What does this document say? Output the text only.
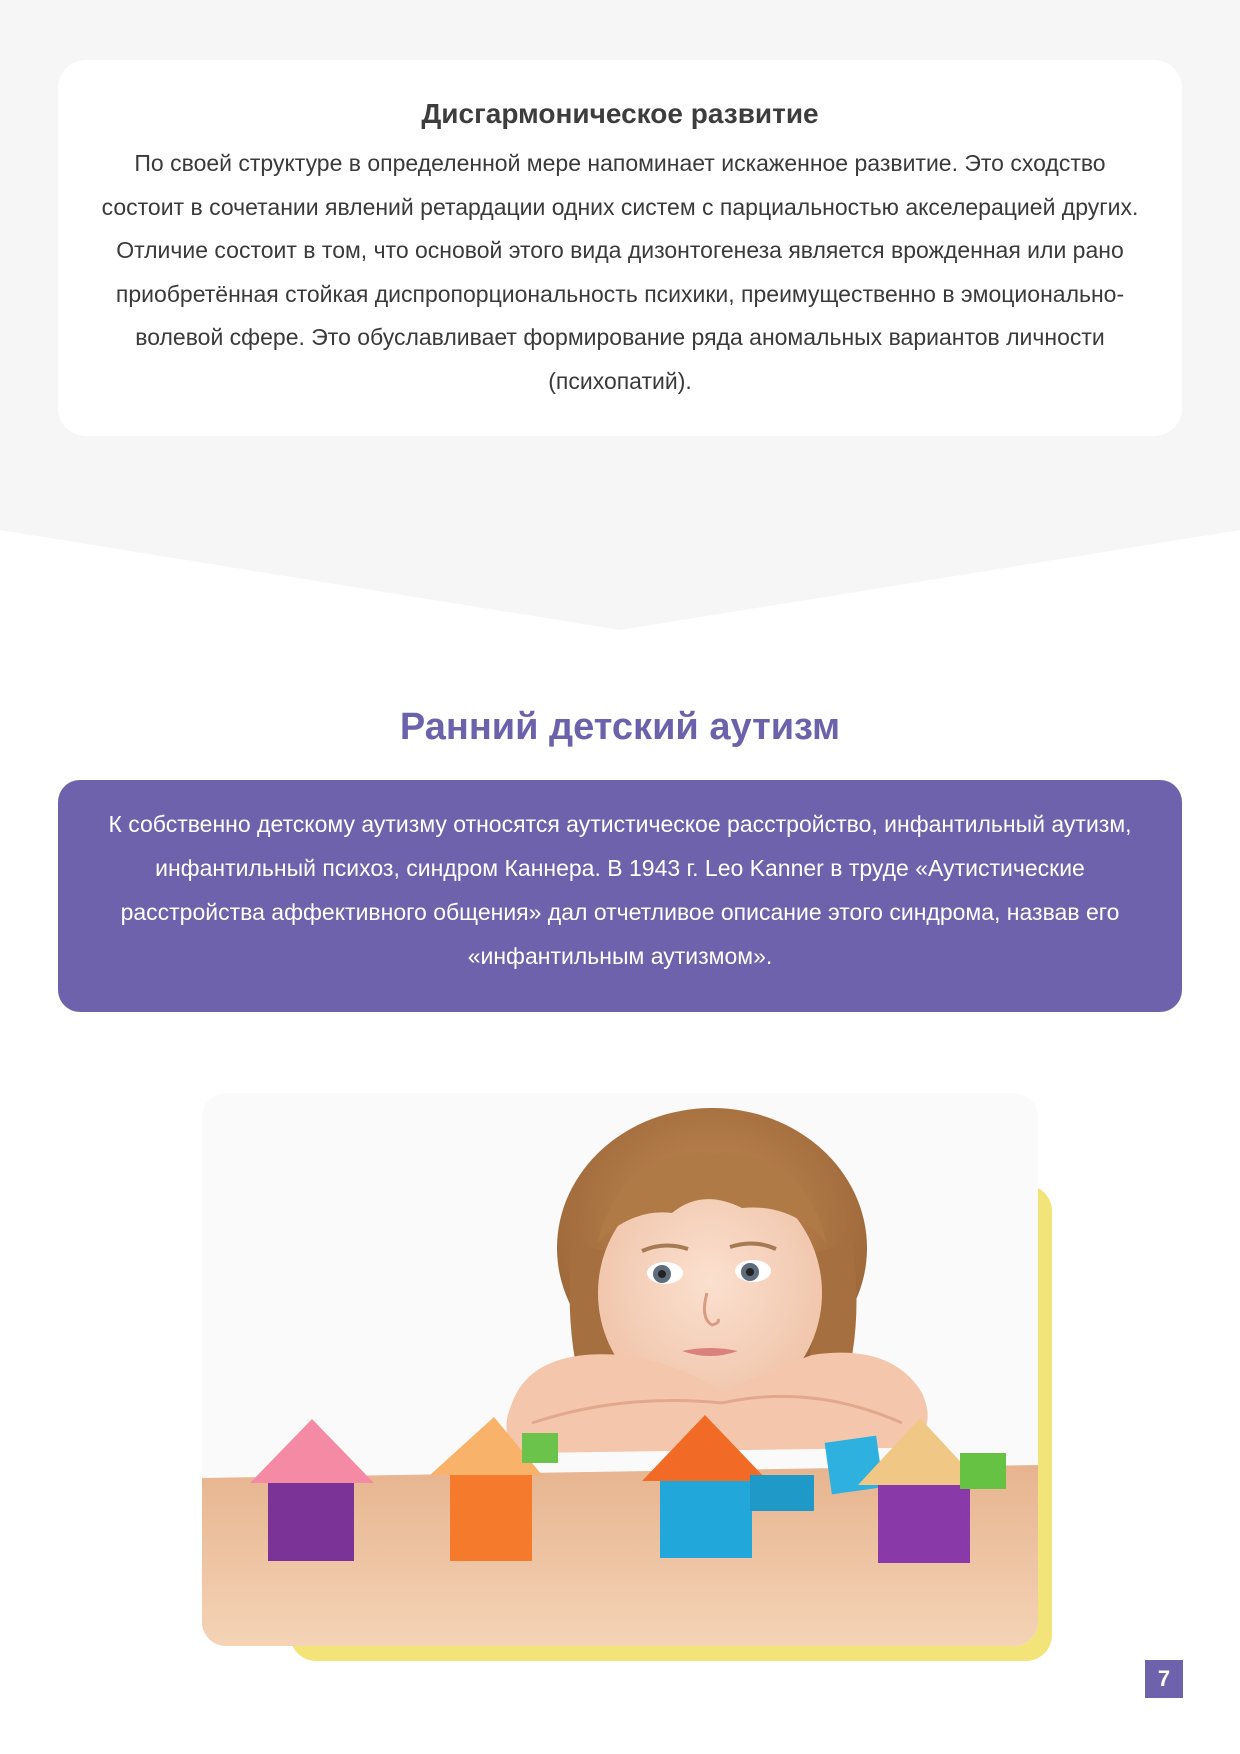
Дисгармоническое развитие

По своей структуре в определенной мере напоминает искаженное развитие. Это сходство состоит в сочетании явлений ретардации одних систем с парциальностью акселерацией других. Отличие состоит в том, что основой этого вида дизонтогенеза является врожденная или рано приобретённая стойкая диспропорциональность психики, преимущественно в эмоционально-волевой сфере. Это обуславливает формирование ряда аномальных вариантов личности (психопатий).

Ранний детский аутизм

К собственно детскому аутизму относятся аутистическое расстройство, инфантильный аутизм, инфантильный психоз, синдром Каннера. В 1943 г. Leo Kanner в труде «Аутистические расстройства аффективного общения» дал отчетливое описание этого синдрома, назвав его «инфантильным аутизмом».

7
